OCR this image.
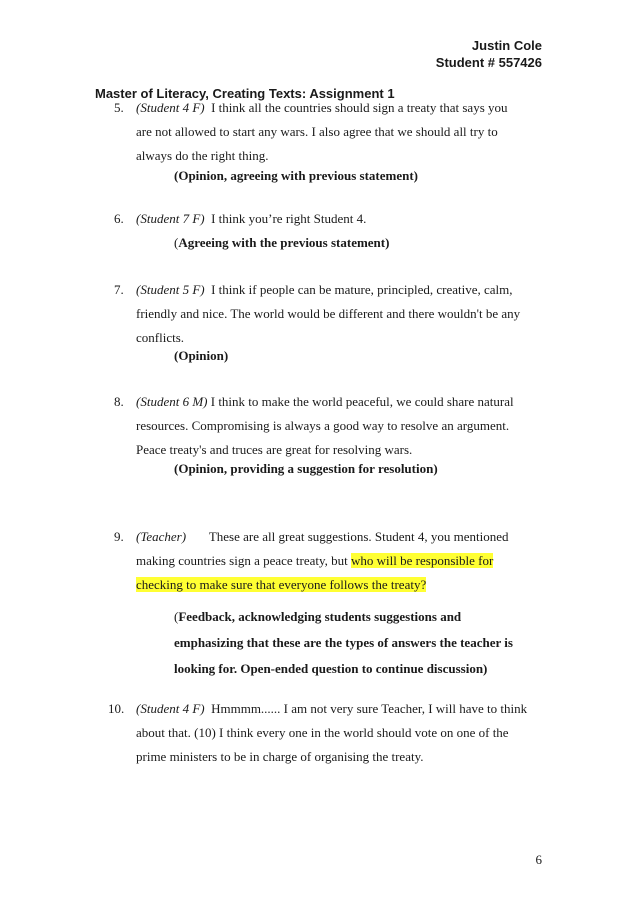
Justin Cole
Student # 557426
Master of Literacy, Creating Texts: Assignment 1
5. (Student 4 F) I think all the countries should sign a treaty that says you
are not allowed to start any wars. I also agree that we should all try to
always do the right thing.
(Opinion, agreeing with previous statement)
6. (Student 7 F) I think you’re right Student 4.
(Agreeing with the previous statement)
7. (Student 5 F) I think if people can be mature, principled, creative, calm,
friendly and nice. The world would be different and there wouldn't be any
conflicts.
(Opinion)
8. (Student 6 M) I think to make the world peaceful, we could share natural
resources. Compromising is always a good way to resolve an argument.
Peace treaty's and truces are great for resolving wars.
(Opinion, providing a suggestion for resolution)
9. (Teacher) These are all great suggestions. Student 4, you mentioned
making countries sign a peace treaty, but who will be responsible for
checking to make sure that everyone follows the treaty?
(Feedback, acknowledging students suggestions and
emphasizing that these are the types of answers the teacher is
looking for. Open-ended question to continue discussion)
10. (Student 4 F) Hmmmm...... I am not very sure Teacher, I will have to think
about that. (10) I think every one in the world should vote on one of the
prime ministers to be in charge of organising the treaty.
6
